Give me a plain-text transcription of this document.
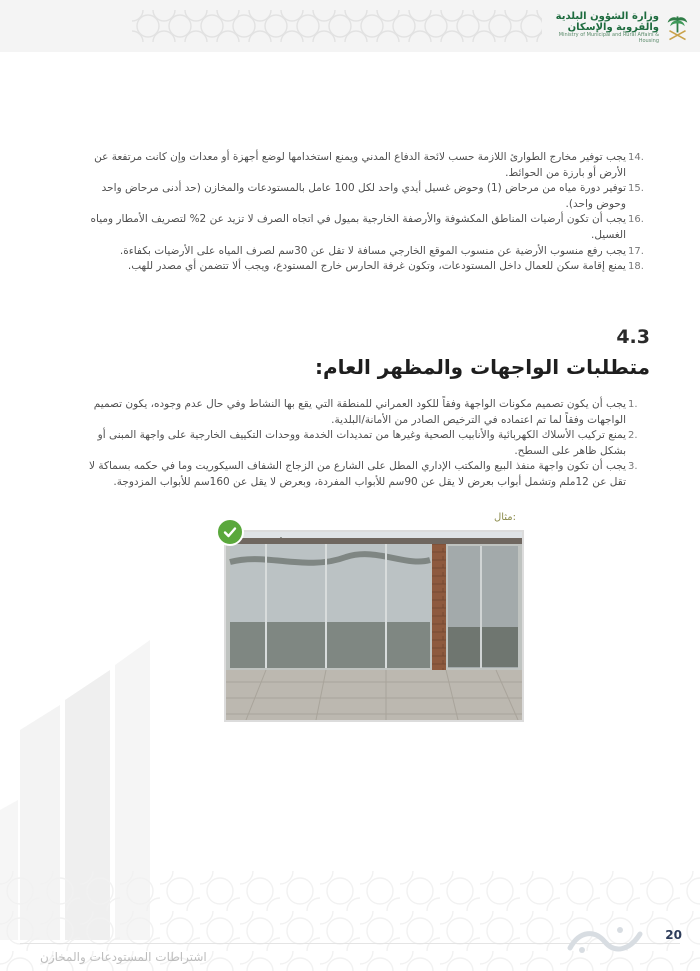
وزارة الشؤون البلدية
والقروية والإسكان
Ministry of Municipal and Rural Affairs & Housing
14.
يجب توفير مخارج الطوارئ اللازمة حسب لائحة الدفاع المدني ويمنع استخدامها لوضع أجهزة أو معدات وإن كانت مرتفعة عن الأرض أو بارزة من الحوائط.
15.
توفير دورة مياه من مرحاض (1) وحوض غسيل أيدي واحد لكل 100 عامل بالمستودعات والمخازن (حد أدنى مرحاض واحد وحوض واحد).
16.
يجب أن تكون أرضيات المناطق المكشوفة والأرصفة الخارجية بميول في اتجاه الصرف لا تزيد عن 2% لتصريف الأمطار ومياه الغسيل.
17.
يجب رفع منسوب الأرضية عن منسوب الموقع الخارجي مسافة لا تقل عن 30سم لصرف المياه على الأرضيات بكفاءة.
18.
يمنع إقامة سكن للعمال داخل المستودعات، وتكون غرفة الحارس خارج المستودع، ويجب ألا تتضمن أي مصدر للهب.
4.3
متطلبات الواجهات والمظهر العام:
1.
يجب أن يكون تصميم مكونات الواجهة وفقاً للكود العمراني للمنطقة التي يقع بها النشاط وفي حال عدم وجوده، يكون تصميم الواجهات وفقاً لما تم اعتماده في الترخيص الصادر من الأمانة/البلدية.
2.
يمنع تركيب الأسلاك الكهربائية والأنابيب الصحية وغيرها من تمديدات الخدمة ووحدات التكييف الخارجية على واجهة المبنى أو بشكل ظاهر على السطح.
3.
يجب أن تكون واجهة منفذ البيع والمكتب الإداري المطل على الشارع من الزجاج الشفاف السيكوريت وما في حكمه بسماكة لا تقل عن 12ملم وتشمل أبواب بعرض لا يقل عن 90سم للأبواب المفردة، وبعرض لا يقل عن 160سم للأبواب المزدوجة.
مثال:
20
اشتراطات المستودعات والمخازن
